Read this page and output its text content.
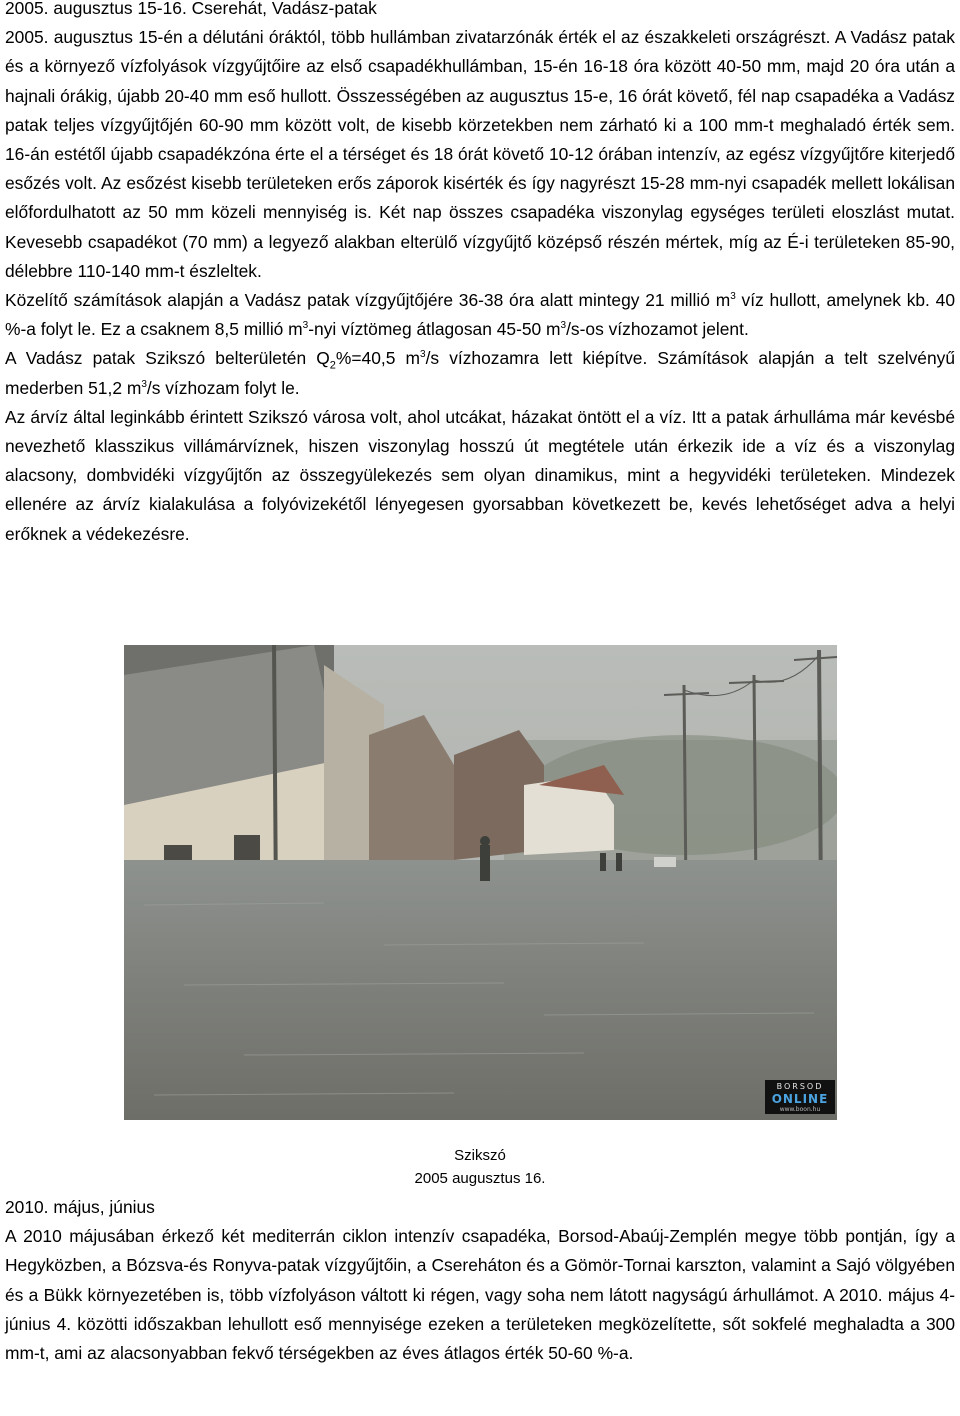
2005. augusztus 15-16. Cserehát, Vadász-patak

2005. augusztus 15-én a délutáni óráktól, több hullámban zivatarzónák érték el az északkeleti országrészt. A Vadász patak és a környező vízfolyások vízgyűjtőire az első csapadékhullámban, 15-én 16-18 óra között 40-50 mm, majd 20 óra után a hajnali órákig, újabb 20-40 mm eső hullott. Összességében az augusztus 15-e, 16 órát követő, fél nap csapadéka a Vadász patak teljes vízgyűjtőjén 60-90 mm között volt, de kisebb körzetekben nem zárható ki a 100 mm-t meghaladó érték sem. 16-án estétől újabb csapadékzóna érte el a térséget és 18 órát követő 10-12 órában intenzív, az egész vízgyűjtőre kiterjedő esőzés volt. Az esőzést kisebb területeken erős záporok kisérték és így nagyrészt 15-28 mm-nyi csapadék mellett lokálisan előfordulhatott az 50 mm közeli mennyiség is. Két nap összes csapadéka viszonylag egységes területi eloszlást mutat. Kevesebb csapadékot (70 mm) a legyező alakban elterülő vízgyűjtő középső részén mértek, míg az É-i területeken 85-90, délebbre 110-140 mm-t észleltek.

Közelítő számítások alapján a Vadász patak vízgyűjtőjére 36-38 óra alatt mintegy 21 millió $m^3$ víz hullott, amelynek kb. 40 %-a folyt le. Ez a csaknem 8,5 millió $m^3$-nyi víztömeg átlagosan 45-50 $m^3/s-os$ vízhozamot jelent.

A Vadász patak Szikszó belterületén $Q_2\%=40,5$ $m^3/s$ vízhozamra lett kiépítve. Számítások alapján a telt szelvényű mederben 51,2 $m^3/s$ vízhozam folyt le.

Az árvíz által leginkább érintett Szikszó városa volt, ahol utcákat, házakat öntött el a víz. Itt a patak árhulláma már kevésbé nevezhető klasszikus villámárvíznek, hiszen viszonylag hosszú út megtétele után érkezik ide a víz és a viszonylag alacsony, dombvidéki vízgyűjtőn az összegyülekezés sem olyan dinamikus, mint a hegyvidéki területeken. Mindezek ellenére az árvíz kialakulása a folyóvizekétől lényegesen gyorsabban következett be, kevés lehetőséget adva a helyi erőknek a védekezésre.

BORSOD
ONLINE
www.boon.hu
Szikszó
2005 augusztus 16.

2010. május, június

A 2010 májusában érkező két mediterrán ciklon intenzív csapadéka, Borsod-Abaúj-Zemplén megye több pontján, így a Hegyközben, a Bózsva-és Ronyva-patak vízgyűjtőin, a Csereháton és a Gömör-Tornai karszton, valamint a Sajó völgyében és a Bükk környezetében is, több vízfolyáson váltott ki régen, vagy soha nem látott nagyságú árhullámot. A 2010. május 4-június 4. közötti időszakban lehullott eső mennyisége ezeken a területeken megközelítette, sőt sokfelé meghaladta a 300 mm-t, ami az alacsonyabban fekvő térségekben az éves átlagos érték 50-60 %-a.
